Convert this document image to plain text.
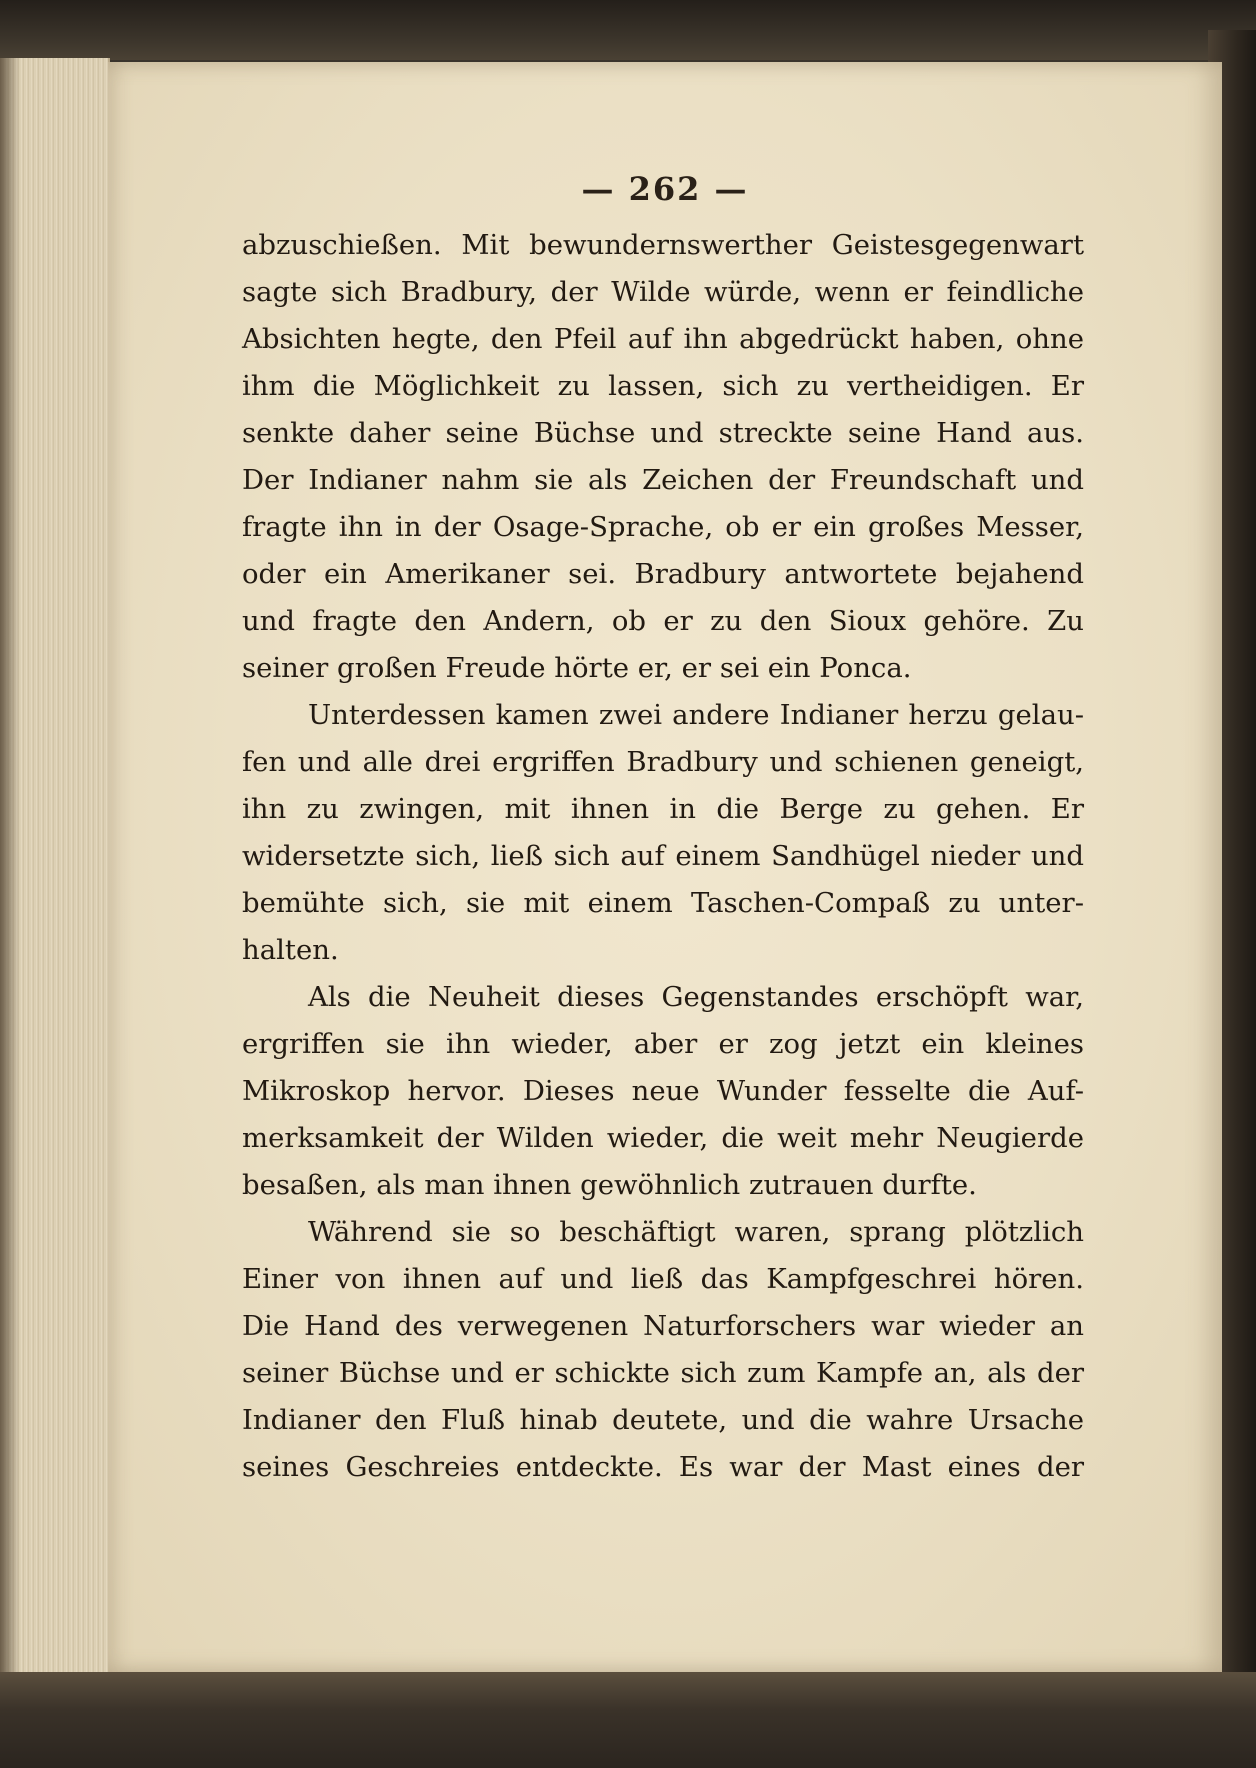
— 262 —
abzuschießen. Mit bewundernswerther Geistesgegenwart
sagte sich Bradbury, der Wilde würde, wenn er feindliche
Absichten hegte, den Pfeil auf ihn abgedrückt haben, ohne
ihm die Möglichkeit zu lassen, sich zu vertheidigen. Er
senkte daher seine Büchse und streckte seine Hand aus.
Der Indianer nahm sie als Zeichen der Freundschaft und
fragte ihn in der Osage-Sprache, ob er ein großes Messer,
oder ein Amerikaner sei. Bradbury antwortete bejahend
und fragte den Andern, ob er zu den Sioux gehöre. Zu
seiner großen Freude hörte er, er sei ein Ponca.
Unterdessen kamen zwei andere Indianer herzu gelau-
fen und alle drei ergriffen Bradbury und schienen geneigt,
ihn zu zwingen, mit ihnen in die Berge zu gehen. Er
widersetzte sich, ließ sich auf einem Sandhügel nieder und
bemühte sich, sie mit einem Taschen-Compaß zu unter-
halten.
Als die Neuheit dieses Gegenstandes erschöpft war,
ergriffen sie ihn wieder, aber er zog jetzt ein kleines
Mikroskop hervor. Dieses neue Wunder fesselte die Auf-
merksamkeit der Wilden wieder, die weit mehr Neugierde
besaßen, als man ihnen gewöhnlich zutrauen durfte.
Während sie so beschäftigt waren, sprang plötzlich
Einer von ihnen auf und ließ das Kampfgeschrei hören.
Die Hand des verwegenen Naturforschers war wieder an
seiner Büchse und er schickte sich zum Kampfe an, als der
Indianer den Fluß hinab deutete, und die wahre Ursache
seines Geschreies entdeckte. Es war der Mast eines der
